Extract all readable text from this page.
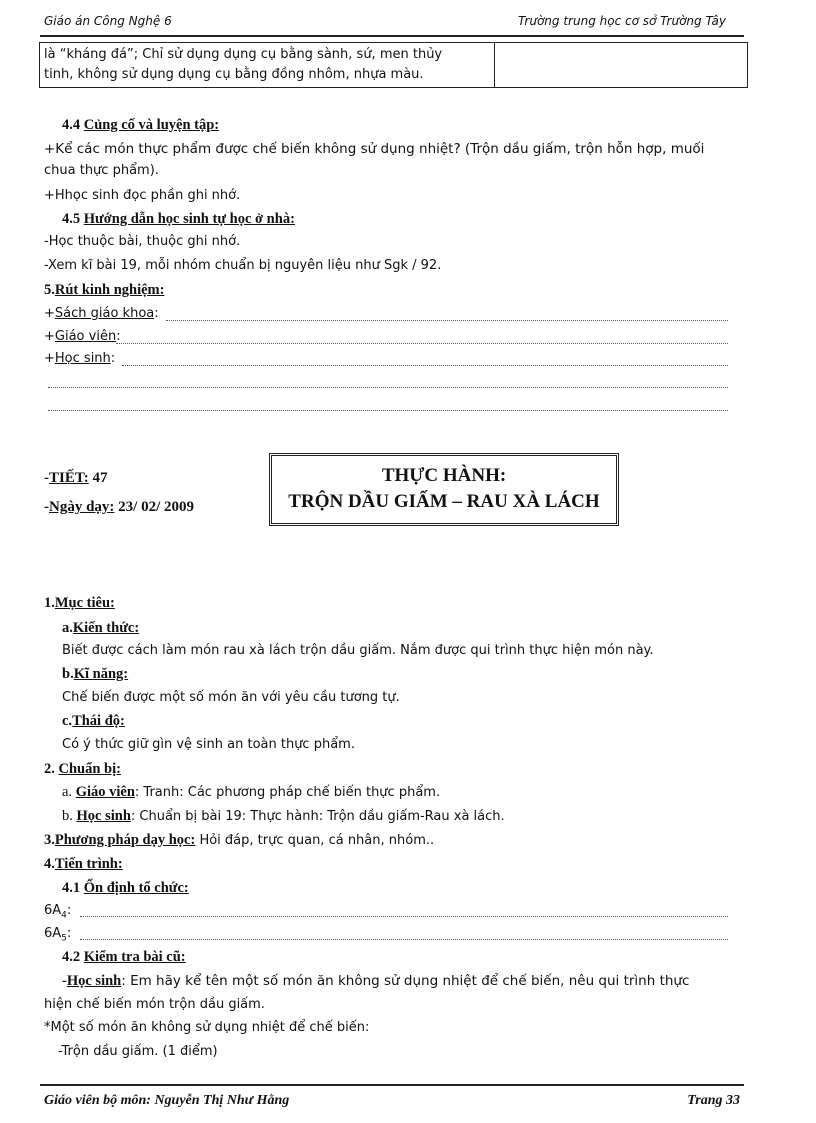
Giáo án Công Nghệ 6	Trường trung học cơ sở Trường Tây
là “kháng đá”; Chỉ sử dụng dụng cụ bằng sành, sứ, men thủy
tinh, không sử dụng dụng cụ bằng đồng nhôm, nhựa màu.

4.4 Củng cố và luyện tập:
+Kể các món thực phẩm được chế biến không sử dụng nhiệt? (Trộn dầu giấm, trộn hỗn hợp, muối
chua thực phẩm).
+Hhọc sinh đọc phần ghi nhớ.
4.5 Hướng dẫn học sinh tự học ở nhà:
-Học thuộc bài, thuộc ghi nhớ.
-Xem kĩ bài 19, mỗi nhóm chuẩn bị nguyên liệu như Sgk / 92.
5.Rút kinh nghiệm:
+Sách giáo khoa:
+Giáo viên:
+Học sinh:
-TIẾT: 47
-Ngày dạy: 23/ 02/ 2009
THỰC HÀNH:
TRỘN DẦU GIẤM – RAU XÀ LÁCH
1.Mục tiêu:
a.Kiến thức:
Biết được cách làm món rau xà lách trộn dầu giấm. Nắm được qui trình thực hiện món này.
b.Kĩ năng:
Chế biến được một số món ăn với yêu cầu tương tự.
c.Thái độ:
Có ý thức giữ gìn vệ sinh an toàn thực phẩm.
2. Chuẩn bị:
a. Giáo viên: Tranh: Các phương pháp chế biến thực phẩm.
b. Học sinh: Chuẩn bị bài 19: Thực hành: Trộn dầu giấm-Rau xà lách.
3.Phương pháp dạy học: Hỏi đáp, trực quan, cá nhân, nhóm..
4.Tiến trình:
4.1 Ổn định tổ chức:
$6A_4$:
$6A_5$:
4.2 Kiểm tra bài cũ:
-Học sinh: Em hãy kể tên một số món ăn không sử dụng nhiệt để chế biến, nêu qui trình thực
hiện chế biến món trộn dầu giấm.
*Một số món ăn không sử dụng nhiệt để chế biến:
-Trộn dầu giấm. (1 điểm)
Giáo viên bộ môn: Nguyễn Thị Như Hằng	Trang 33
